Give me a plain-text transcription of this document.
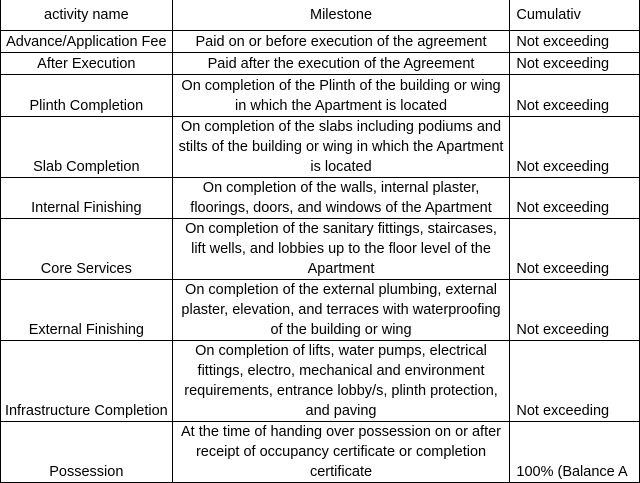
activity name	Milestone	Cumulativ
Advance/Application Fee	Paid on or before execution of the agreement	Not exceeding
After Execution	Paid after the execution of the Agreement	Not exceeding
Plinth Completion	On completion of the Plinth of the building or wing
in which the Apartment is located	Not exceeding
Slab Completion	On completion of the slabs including podiums and
stilts of the building or wing in which the Apartment
is located	Not exceeding
Internal Finishing	On completion of the walls, internal plaster,
floorings, doors, and windows of the Apartment	Not exceeding
Core Services	On completion of the sanitary fittings, staircases,
lift wells, and lobbies up to the floor level of the
Apartment	Not exceeding
External Finishing	On completion of the external plumbing, external
plaster, elevation, and terraces with waterproofing
of the building or wing	Not exceeding
Infrastructure Completion	On completion of lifts, water pumps, electrical
fittings, electro, mechanical and environment
requirements, entrance lobby/s, plinth protection,
and paving	Not exceeding
Possession	At the time of handing over possession on or after
receipt of occupancy certificate or completion
certificate	100% (Balance A
